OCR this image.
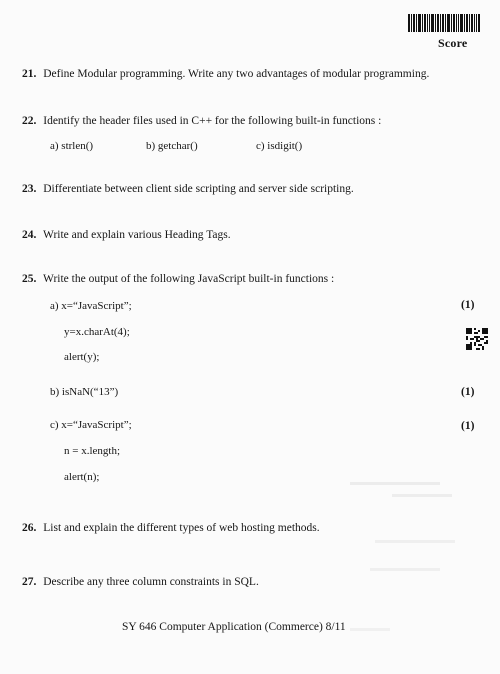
Score
21. Define Modular programming. Write any two advantages of modular programming.
22. Identify the header files used in C++ for the following built-in functions :
a) strlen()	b) getchar()	c) isdigit()
23. Differentiate between client side scripting and server side scripting.
24. Write and explain various Heading Tags.
25. Write the output of the following JavaScript built-in functions :
a) x=“JavaScript”;	(1)
y=x.charAt(4);
alert(y);
b) isNaN(“13”)	(1)
c) x=“JavaScript”;	(1)
n = x.length;
alert(n);
26. List and explain the different types of web hosting methods.
27. Describe any three column constraints in SQL.
SY 646 Computer Application (Commerce) 8/11
